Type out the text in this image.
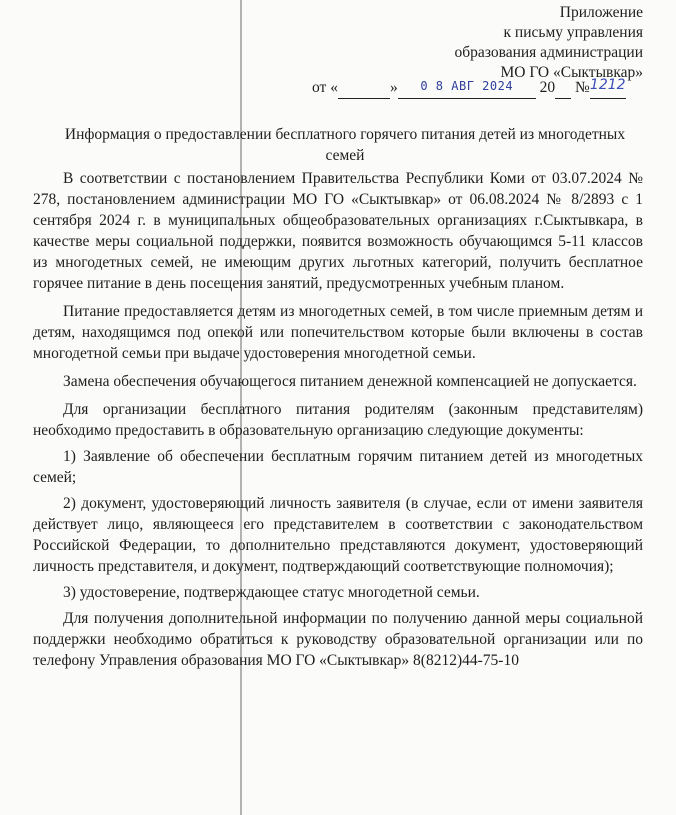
Приложение
к письму управления
образования администрации
МО ГО «Сыктывкар»
от «	» 0 8 АВГ 2024 20 №1212
Информация о предоставлении бесплатного горячего питания детей из многодетных семей

В соответствии с постановлением Правительства Республики Коми от 03.07.2024 № 278, постановлением администрации МО ГО «Сыктывкар» от 06.08.2024 № 8/2893 с 1 сентября 2024 г. в муниципальных общеобразовательных организациях г.Сыктывкара, в качестве меры социальной поддержки, появится возможность обучающимся 5-11 классов из многодетных семей, не имеющим других льготных категорий, получить бесплатное горячее питание в день посещения занятий, предусмотренных учебным планом.

Питание предоставляется детям из многодетных семей, в том числе приемным детям и детям, находящимся под опекой или попечительством которые были включены в состав многодетной семьи при выдаче удостоверения многодетной семьи.

Замена обеспечения обучающегося питанием денежной компенсацией не допускается.

Для организации бесплатного питания родителям (законным представителям) необходимо предоставить в образовательную организацию следующие документы:

1) Заявление об обеспечении бесплатным горячим питанием детей из многодетных семей;

2) документ, удостоверяющий личность заявителя (в случае, если от имени заявителя действует лицо, являющееся его представителем в соответствии с законодательством Российской Федерации, то дополнительно представляются документ, удостоверяющий личность представителя, и документ, подтверждающий соответствующие полномочия);

3) удостоверение, подтверждающее статус многодетной семьи.

Для получения дополнительной информации по получению данной меры социальной поддержки необходимо обратиться к руководству образовательной организации или по телефону Управления образования МО ГО «Сыктывкар» 8(8212)44-75-10
